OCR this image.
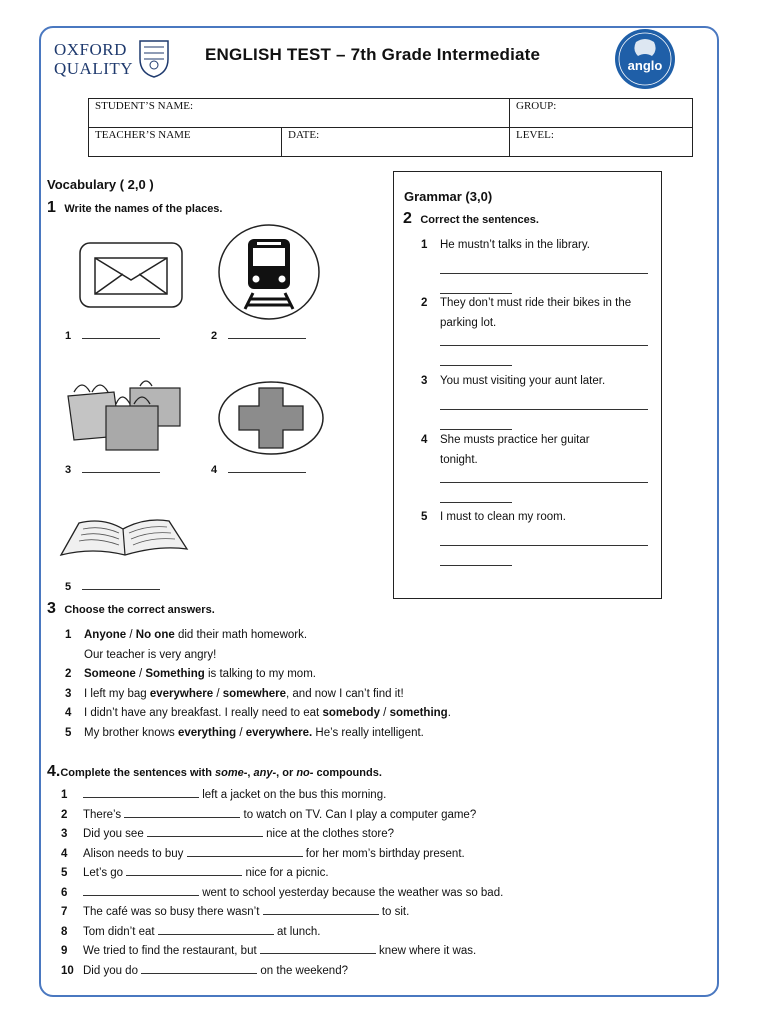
OXFORD
QUALITY
ENGLISH TEST – 7th Grade Intermediate
anglo
STUDENT’S NAME:		GROUP:
TEACHER’S NAME	DATE:	LEVEL:
Vocabulary ( 2,0 )
1 Write the names of the places.
1	2
3	4
5
Grammar (3,0)
2 Correct the sentences.
1 He mustn’t talks in the library.

2 They don’t must ride their bikes in the
parking lot.

3 You must visiting your aunt later.

4 She musts practice her guitar
tonight.

5 I must to clean my room.

3 Choose the correct answers.
1 Anyone / No one did their math homework.
Our teacher is very angry!
2 Someone / Something is talking to my mom.
3 I left my bag everywhere / somewhere, and now I can’t find it!
4 I didn’t have any breakfast. I really need to eat somebody / something.
5 My brother knows everything / everywhere. He’s really intelligent.
4.Complete the sentences with some-, any-, or no- compounds.
1	left a jacket on the bus this morning.
2 There’s	to watch on TV. Can I play a computer game?
3 Did you see	nice at the clothes store?
4 Alison needs to buy	for her mom’s birthday present.
5 Let’s go	nice for a picnic.
6	went to school yesterday because the weather was so bad.
7 The café was so busy there wasn’t	to sit.
8 Tom didn’t eat	at lunch.
9 We tried to find the restaurant, but	knew where it was.
10 Did you do	on the weekend?
